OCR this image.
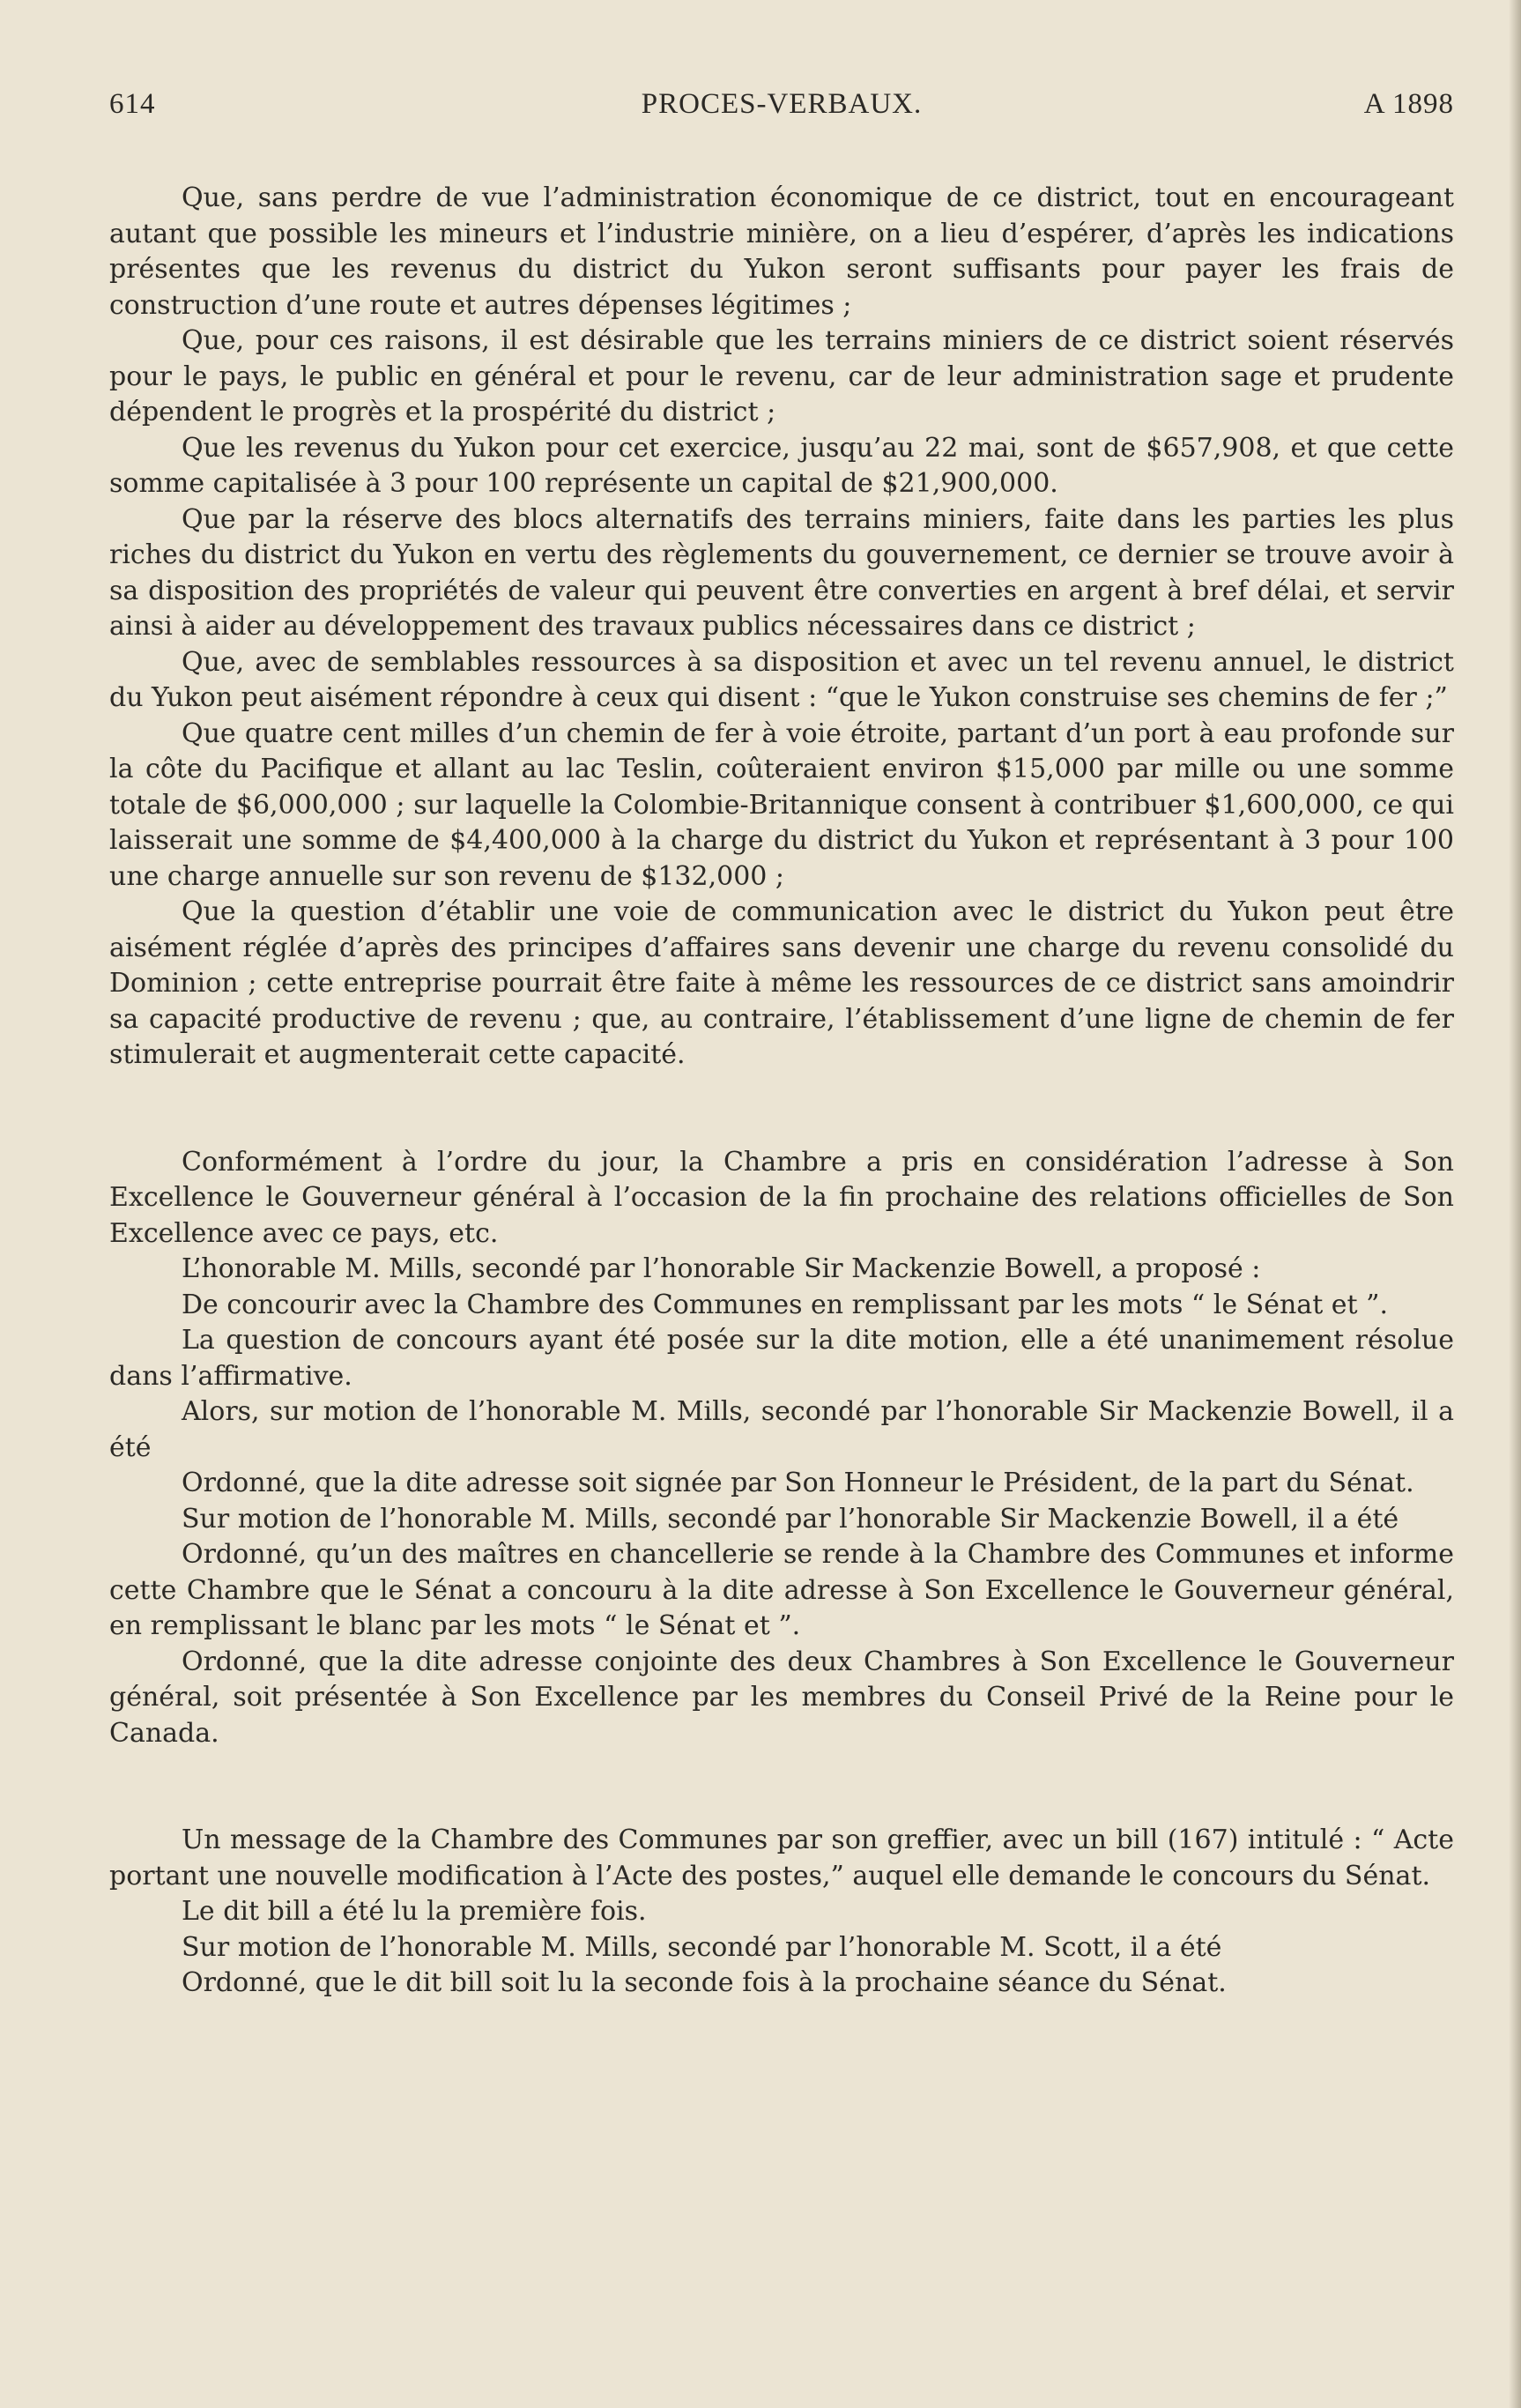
614	PROCES-VERBAUX.	A 1898

Que, sans perdre de vue l’administration économique de ce district, tout en encourageant autant que possible les mineurs et l’industrie minière, on a lieu d’espérer, d’après les indications présentes que les revenus du district du Yukon seront suffisants pour payer les frais de construction d’une route et autres dépenses légitimes ;

Que, pour ces raisons, il est désirable que les terrains miniers de ce district soient réservés pour le pays, le public en général et pour le revenu, car de leur administration sage et prudente dépendent le progrès et la prospérité du district ;

Que les revenus du Yukon pour cet exercice, jusqu’au 22 mai, sont de $657,908, et que cette somme capitalisée à 3 pour 100 représente un capital de $21,900,000.

Que par la réserve des blocs alternatifs des terrains miniers, faite dans les parties les plus riches du district du Yukon en vertu des règlements du gouvernement, ce dernier se trouve avoir à sa disposition des propriétés de valeur qui peuvent être converties en argent à bref délai, et servir ainsi à aider au développement des travaux publics nécessaires dans ce district ;

Que, avec de semblables ressources à sa disposition et avec un tel revenu annuel, le district du Yukon peut aisément répondre à ceux qui disent : “que le Yukon construise ses chemins de fer ;”

Que quatre cent milles d’un chemin de fer à voie étroite, partant d’un port à eau profonde sur la côte du Pacifique et allant au lac Teslin, coûteraient environ $15,000 par mille ou une somme totale de $6,000,000 ; sur laquelle la Colombie-Britannique consent à contribuer $1,600,000, ce qui laisserait une somme de $4,400,000 à la charge du district du Yukon et représentant à 3 pour 100 une charge annuelle sur son revenu de $132,000 ;

Que la question d’établir une voie de communication avec le district du Yukon peut être aisément réglée d’après des principes d’affaires sans devenir une charge du revenu consolidé du Dominion ; cette entreprise pourrait être faite à même les ressources de ce district sans amoindrir sa capacité productive de revenu ; que, au contraire, l’établissement d’une ligne de chemin de fer stimulerait et augmenterait cette capacité.

Conformément à l’ordre du jour, la Chambre a pris en considération l’adresse à Son Excellence le Gouverneur général à l’occasion de la fin prochaine des relations officielles de Son Excellence avec ce pays, etc.

L’honorable M. Mills, secondé par l’honorable Sir Mackenzie Bowell, a proposé :

De concourir avec la Chambre des Communes en remplissant par les mots “ le Sénat et ”.

La question de concours ayant été posée sur la dite motion, elle a été unanimement résolue dans l’affirmative.

Alors, sur motion de l’honorable M. Mills, secondé par l’honorable Sir Mackenzie Bowell, il a été

Ordonné, que la dite adresse soit signée par Son Honneur le Président, de la part du Sénat.

Sur motion de l’honorable M. Mills, secondé par l’honorable Sir Mackenzie Bowell, il a été

Ordonné, qu’un des maîtres en chancellerie se rende à la Chambre des Communes et informe cette Chambre que le Sénat a concouru à la dite adresse à Son Excellence le Gouverneur général, en remplissant le blanc par les mots “ le Sénat et ”.

Ordonné, que la dite adresse conjointe des deux Chambres à Son Excellence le Gouverneur général, soit présentée à Son Excellence par les membres du Conseil Privé de la Reine pour le Canada.

Un message de la Chambre des Communes par son greffier, avec un bill (167) intitulé : “ Acte portant une nouvelle modification à l’Acte des postes,” auquel elle demande le concours du Sénat.

Le dit bill a été lu la première fois.

Sur motion de l’honorable M. Mills, secondé par l’honorable M. Scott, il a été

Ordonné, que le dit bill soit lu la seconde fois à la prochaine séance du Sénat.
